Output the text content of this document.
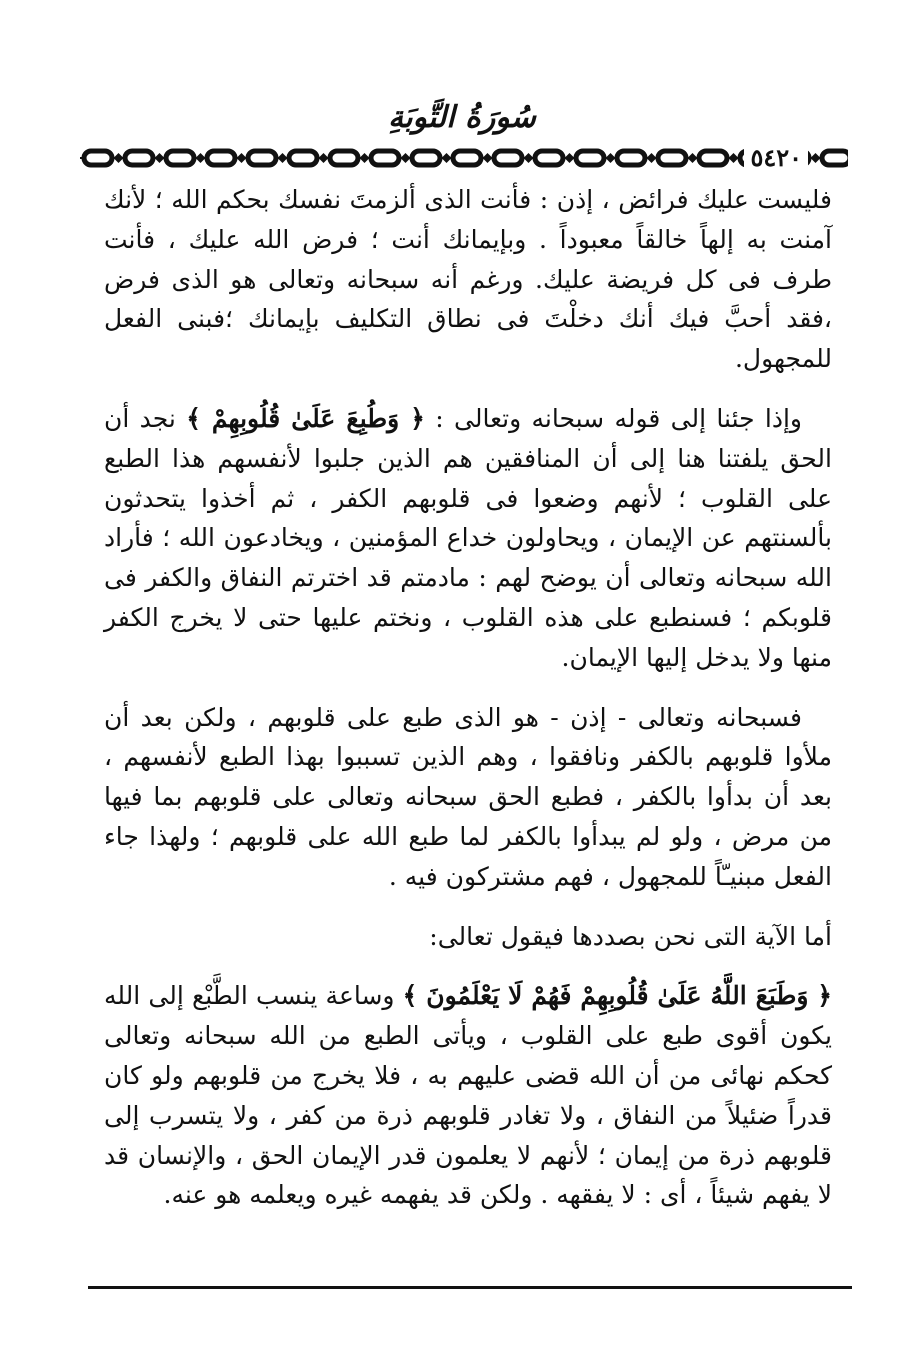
سُورَةُ التَّوبَةِ
٥٤٢٠

فليست عليك فرائض ، إذن : فأنت الذى ألزمتَ نفسك بحكم الله ؛ لأنك آمنت به إلهاً خالقاً معبوداً . وبإيمانك أنت ؛ فرض الله عليك ، فأنت طرف فى كل فريضة عليك. ورغم أنه سبحانه وتعالى هو الذى فرض ،فقد أحبَّ فيك أنك دخلْتَ فى نطاق التكليف بإيمانك ؛فبنى الفعل للمجهول.

وإذا جئنا إلى قوله سبحانه وتعالى : ﴿ وَطُبِعَ عَلَىٰ قُلُوبِهِمْ ﴾ نجد أن الحق يلفتنا هنا إلى أن المنافقين هم الذين جلبوا لأنفسهم هذا الطبع على القلوب ؛ لأنهم وضعوا فى قلوبهم الكفر ، ثم أخذوا يتحدثون بألسنتهم عن الإيمان ، ويحاولون خداع المؤمنين ، ويخادعون الله ؛ فأراد الله سبحانه وتعالى أن يوضح لهم : مادمتم قد اخترتم النفاق والكفر فى قلوبكم ؛ فسنطبع على هذه القلوب ، ونختم عليها حتى لا يخرج الكفر منها ولا يدخل إليها الإيمان.

فسبحانه وتعالى - إذن - هو الذى طبع على قلوبهم ، ولكن بعد أن ملأوا قلوبهم بالكفر ونافقوا ، وهم الذين تسببوا بهذا الطبع لأنفسهم ، بعد أن بدأوا بالكفر ، فطبع الحق سبحانه وتعالى على قلوبهم بما فيها من مرض ، ولو لم يبدأوا بالكفر لما طبع الله على قلوبهم ؛ ولهذا جاء الفعل مبنيـّاً للمجهول ، فهم مشتركون فيه .

أما الآية التى نحن بصددها فيقول تعالى:

﴿ وَطَبَعَ اللَّهُ عَلَىٰ قُلُوبِهِمْ فَهُمْ لَا يَعْلَمُونَ ﴾ وساعة ينسب الطَّبْع إلى الله يكون أقوى طبع على القلوب ، ويأتى الطبع من الله سبحانه وتعالى كحكم نهائى من أن الله قضى عليهم به ، فلا يخرج من قلوبهم ولو كان قدراً ضئيلاً من النفاق ، ولا تغادر قلوبهم ذرة من كفر ، ولا يتسرب إلى قلوبهم ذرة من إيمان ؛ لأنهم لا يعلمون قدر الإيمان الحق ، والإنسان قد لا يفهم شيئاً ، أى : لا يفقهه . ولكن قد يفهمه غيره ويعلمه هو عنه.
